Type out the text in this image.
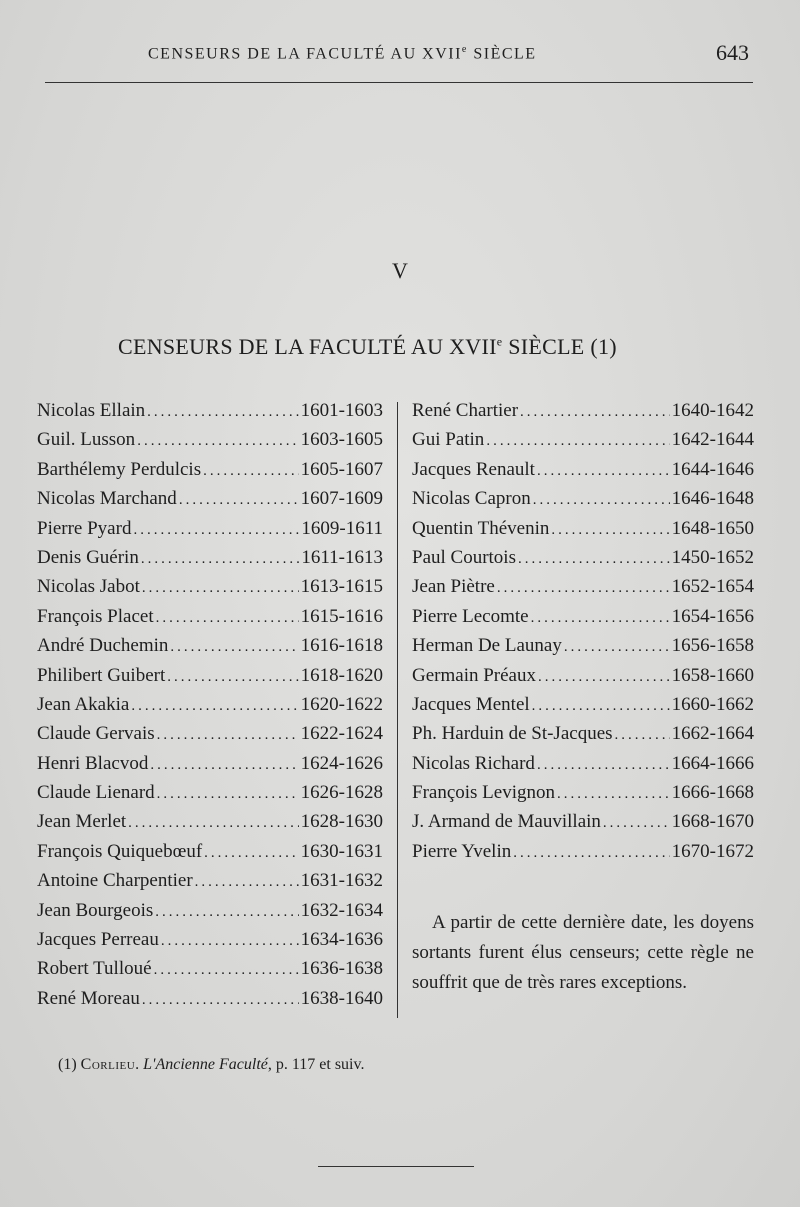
CENSEURS DE LA FACULTÉ AU XVIIe SIÈCLE	643
V
CENSEURS DE LA FACULTÉ AU XVIIe SIÈCLE (1)
Nicolas Ellain .....	1601-1603
Guil. Lusson .....	1603-1605
Barthélemy Perdulcis .....	1605-1607
Nicolas Marchand .....	1607-1609
Pierre Pyard .....	1609-1611
Denis Guérin .....	1611-1613
Nicolas Jabot .....	1613-1615
François Placet .....	1615-1616
André Duchemin .....	1616-1618
Philibert Guibert .....	1618-1620
Jean Akakia .....	1620-1622
Claude Gervais .....	1622-1624
Henri Blacvod .....	1624-1626
Claude Lienard .....	1626-1628
Jean Merlet .....	1628-1630
François Quiquebœuf .....	1630-1631
Antoine Charpentier .....	1631-1632
Jean Bourgeois .....	1632-1634
Jacques Perreau .....	1634-1636
Robert Tulloué .....	1636-1638
René Moreau .....	1638-1640
René Chartier .....	1640-1642
Gui Patin .....	1642-1644
Jacques Renault .....	1644-1646
Nicolas Capron .....	1646-1648
Quentin Thévenin .....	1648-1650
Paul Courtois .....	1450-1652
Jean Piètre .....	1652-1654
Pierre Lecomte .....	1654-1656
Herman De Launay .....	1656-1658
Germain Préaux .....	1658-1660
Jacques Mentel .....	1660-1662
Ph. Harduin de St-Jacques .....	1662-1664
Nicolas Richard .....	1664-1666
François Levignon .....	1666-1668
J. Armand de Mauvillain .....	1668-1670
Pierre Yvelin .....	1670-1672
A partir de cette dernière date, les doyens sortants furent élus censeurs; cette règle ne souffrit que de très rares exceptions.
(1) Corlieu. L'Ancienne Faculté, p. 117 et suiv.
